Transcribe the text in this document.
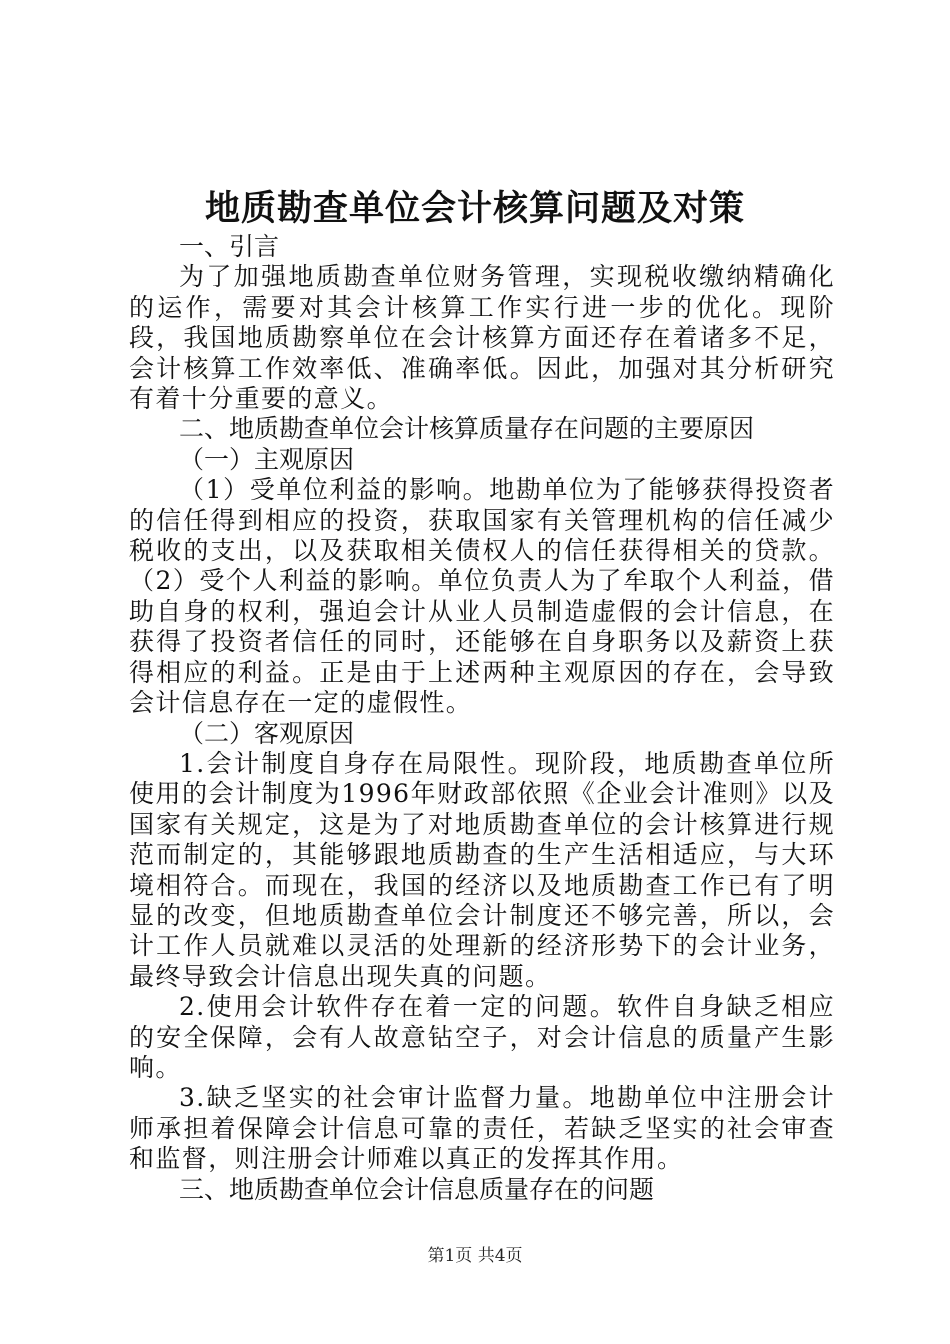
地质勘查单位会计核算问题及对策
一、引言

为了加强地质勘查单位财务管理，实现税收缴纳精确化的运作，需要对其会计核算工作实行进一步的优化。现阶段，我国地质勘察单位在会计核算方面还存在着诸多不足，会计核算工作效率低、准确率低。因此，加强对其分析研究有着十分重要的意义。

二、地质勘查单位会计核算质量存在问题的主要原因
（一）主观原因

（1）受单位利益的影响。地勘单位为了能够获得投资者的信任得到相应的投资，获取国家有关管理机构的信任减少税收的支出，以及获取相关债权人的信任获得相关的贷款。（2）受个人利益的影响。单位负责人为了牟取个人利益，借助自身的权利，强迫会计从业人员制造虚假的会计信息，在获得了投资者信任的同时，还能够在自身职务以及薪资上获得相应的利益。正是由于上述两种主观原因的存在，会导致会计信息存在一定的虚假性。

（二）客观原因

1.会计制度自身存在局限性。现阶段，地质勘查单位所使用的会计制度为1996年财政部依照《企业会计准则》以及国家有关规定，这是为了对地质勘查单位的会计核算进行规范而制定的，其能够跟地质勘查的生产生活相适应，与大环境相符合。而现在，我国的经济以及地质勘查工作已有了明显的改变，但地质勘查单位会计制度还不够完善，所以，会计工作人员就难以灵活的处理新的经济形势下的会计业务，最终导致会计信息出现失真的问题。

2.使用会计软件存在着一定的问题。软件自身缺乏相应的安全保障，会有人故意钻空子，对会计信息的质量产生影响。

3.缺乏坚实的社会审计监督力量。地勘单位中注册会计师承担着保障会计信息可靠的责任，若缺乏坚实的社会审查和监督，则注册会计师难以真正的发挥其作用。

三、地质勘查单位会计信息质量存在的问题
第1页 共4页
